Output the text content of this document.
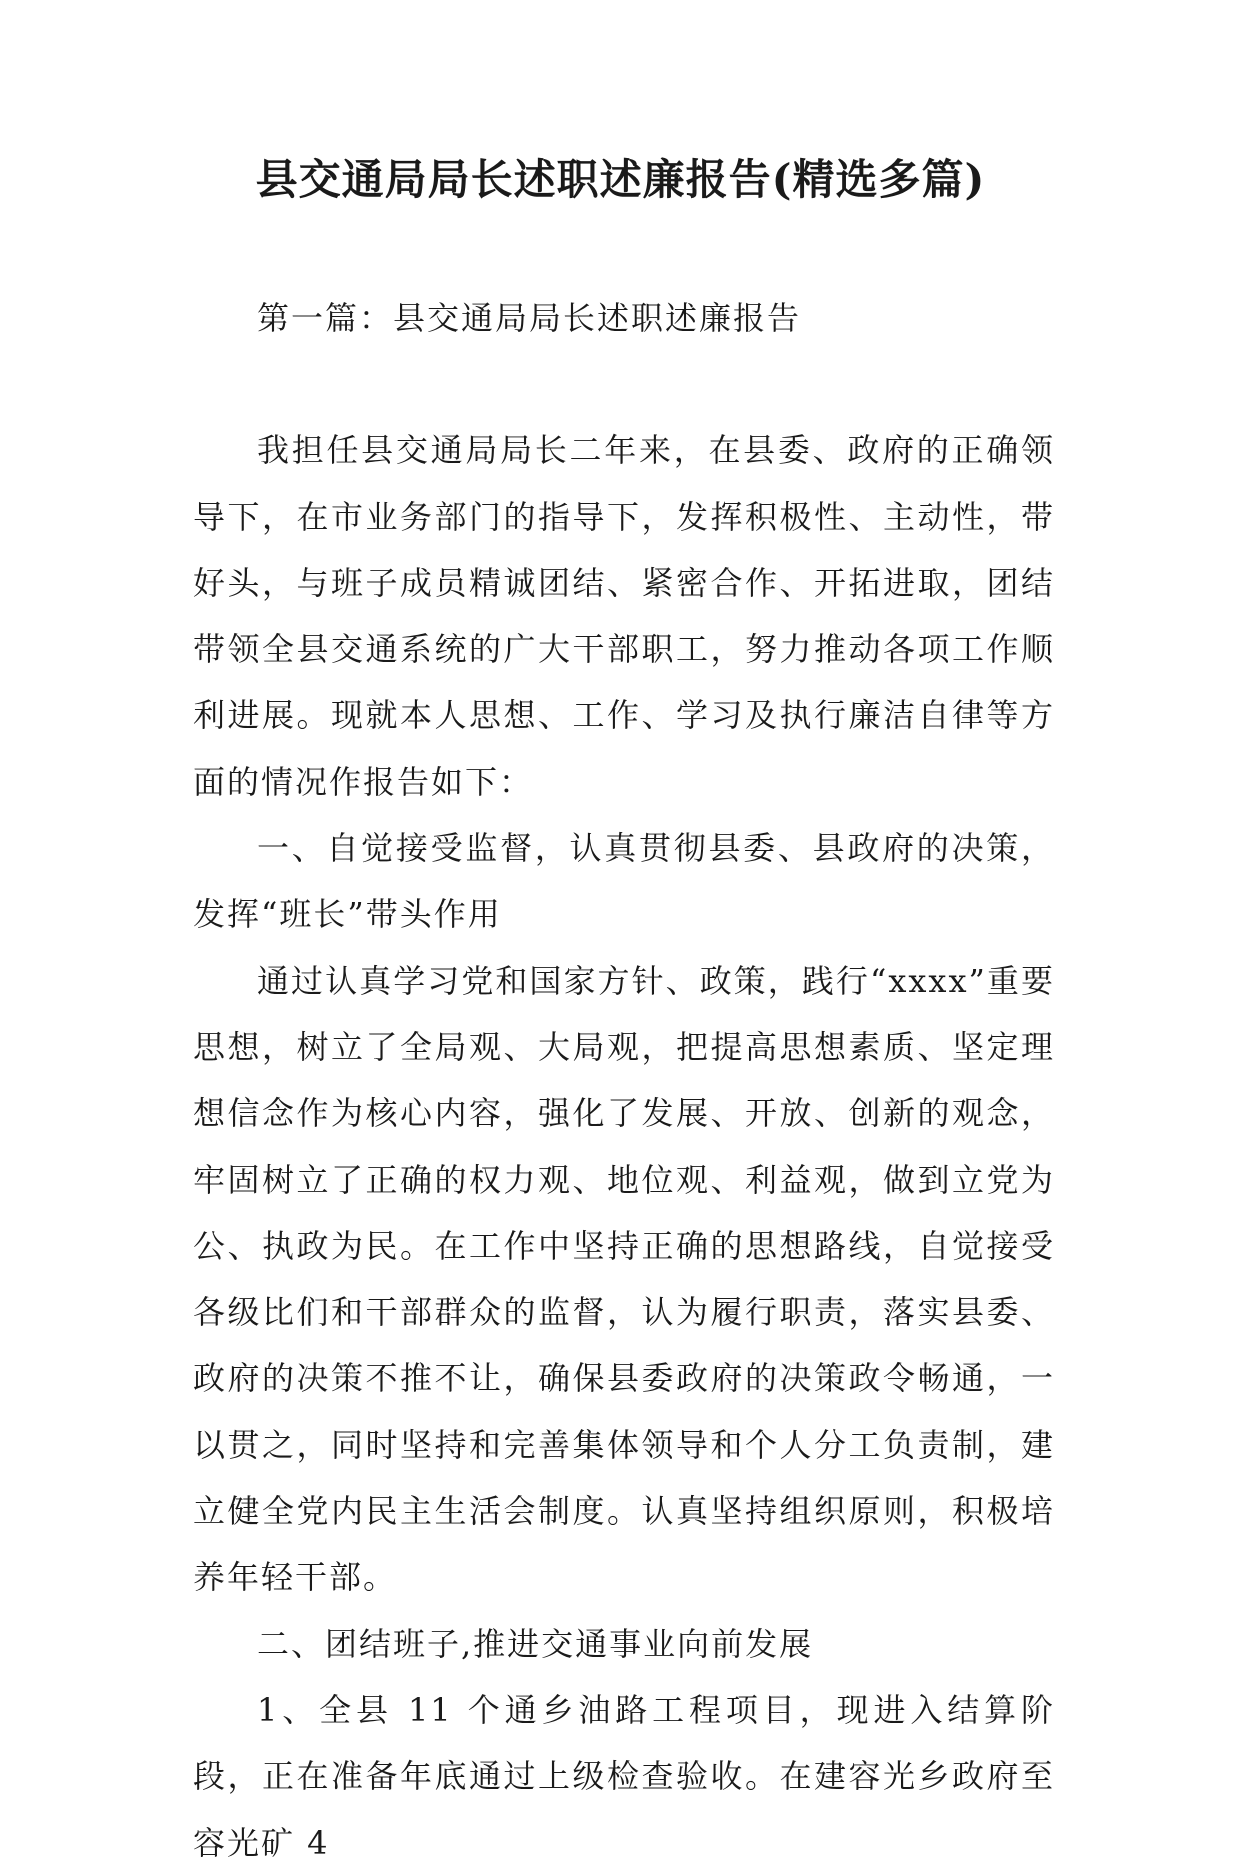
县交通局局长述职述廉报告(精选多篇)

第一篇：县交通局局长述职述廉报告

我担任县交通局局长二年来，在县委、政府的正确领导下，在市业务部门的指导下，发挥积极性、主动性，带好头，与班子成员精诚团结、紧密合作、开拓进取，团结带领全县交通系统的广大干部职工，努力推动各项工作顺利进展。现就本人思想、工作、学习及执行廉洁自律等方面的情况作报告如下：

一、自觉接受监督，认真贯彻县委、县政府的决策，发挥“班长”带头作用

通过认真学习党和国家方针、政策，践行“xxxx”重要思想，树立了全局观、大局观，把提高思想素质、坚定理想信念作为核心内容，强化了发展、开放、创新的观念，牢固树立了正确的权力观、地位观、利益观，做到立党为公、执政为民。在工作中坚持正确的思想路线，自觉接受各级比们和干部群众的监督，认为履行职责，落实县委、政府的决策不推不让，确保县委政府的决策政令畅通，一以贯之，同时坚持和完善集体领导和个人分工负责制，建立健全党内民主生活会制度。认真坚持组织原则，积极培养年轻干部。

二、团结班子,推进交通事业向前发展

1、全县 11 个通乡油路工程项目，现进入结算阶段，正在准备年底通过上级检查验收。在建容光乡政府至容光矿 4
